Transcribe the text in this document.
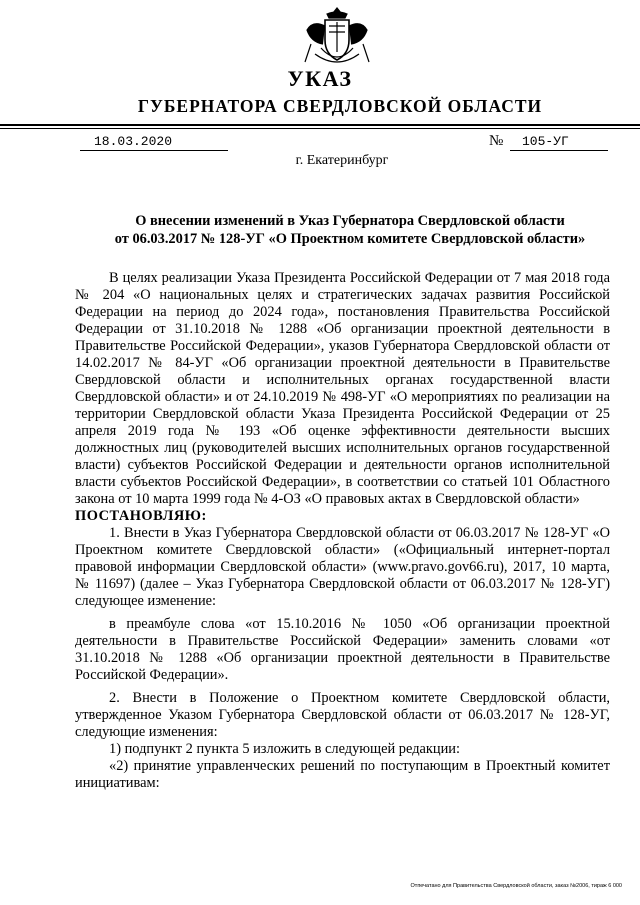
УКАЗ
ГУБЕРНАТОРА СВЕРДЛОВСКОЙ ОБЛАСТИ
18.03.2020	№	105-УГ
г. Екатеринбург
О внесении изменений в Указ Губернатора Свердловской области
от 06.03.2017 № 128-УГ «О Проектном комитете Свердловской области»

В целях реализации Указа Президента Российской Федерации от 7 мая 2018 года № 204 «О национальных целях и стратегических задачах развития Российской Федерации на период до 2024 года», постановления Правительства Российской Федерации от 31.10.2018 № 1288 «Об организации проектной деятельности в Правительстве Российской Федерации», указов Губернатора Свердловской области от 14.02.2017 № 84-УГ «Об организации проектной деятельности в Правительстве Свердловской области и исполнительных органах государственной власти Свердловской области» и от 24.10.2019 № 498-УГ «О мероприятиях по реализации на территории Свердловской области Указа Президента Российской Федерации от 25 апреля 2019 года № 193 «Об оценке эффективности деятельности высших должностных лиц (руководителей высших исполнительных органов государственной власти) субъектов Российской Федерации и деятельности органов исполнительной власти субъектов Российской Федерации», в соответствии со статьей 101 Областного закона от 10 марта 1999 года № 4-ОЗ «О правовых актах в Свердловской области»

ПОСТАНОВЛЯЮ:

1. Внести в Указ Губернатора Свердловской области от 06.03.2017 № 128-УГ «О Проектном комитете Свердловской области» («Официальный интернет-портал правовой информации Свердловской области» (www.pravo.gov66.ru), 2017, 10 марта, № 11697) (далее – Указ Губернатора Свердловской области от 06.03.2017 № 128-УГ) следующее изменение:

в преамбуле слова «от 15.10.2016 № 1050 «Об организации проектной деятельности в Правительстве Российской Федерации» заменить словами «от 31.10.2018 № 1288 «Об организации проектной деятельности в Правительстве Российской Федерации».

2. Внести в Положение о Проектном комитете Свердловской области, утвержденное Указом Губернатора Свердловской области от 06.03.2017 № 128-УГ, следующие изменения:

1) подпункт 2 пункта 5 изложить в следующей редакции:

«2) принятие управленческих решений по поступающим в Проектный комитет инициативам:

Отпечатано для Правительства Свердловской области, заказ №2006, тираж 6 000
